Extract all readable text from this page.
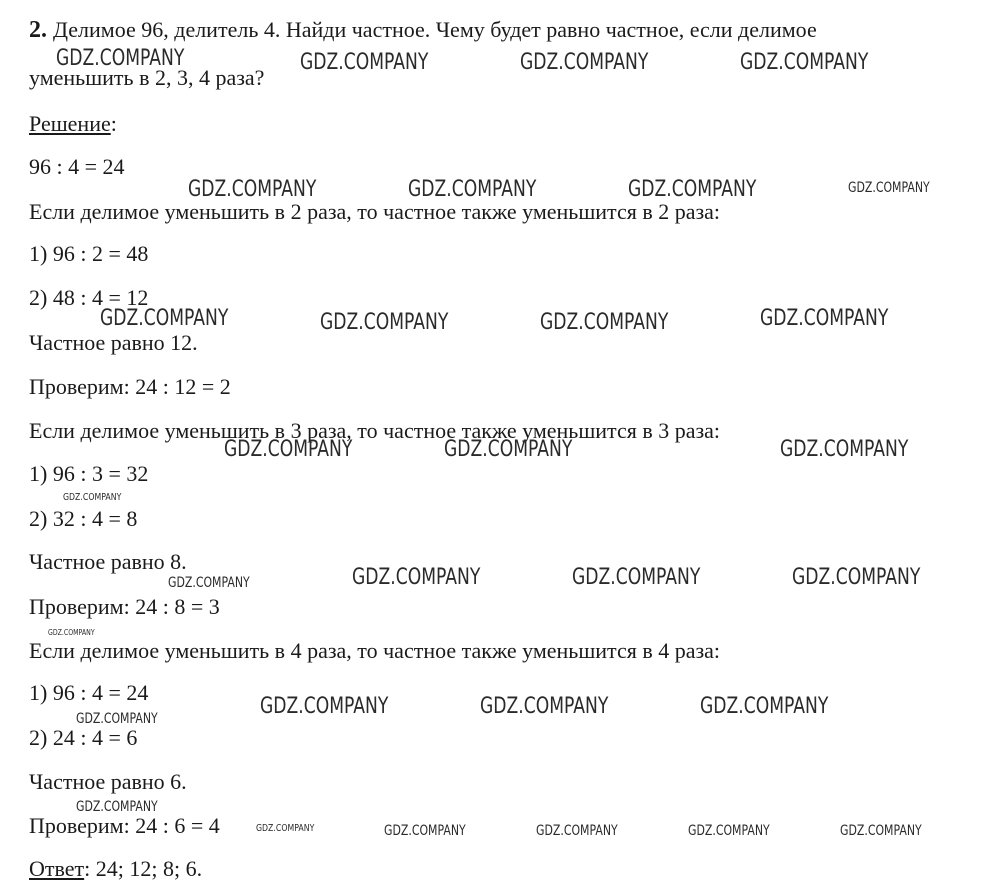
2. Делимое 96, делитель 4. Найди частное. Чему будет равно частное, если делимое
уменьшить в 2, 3, 4 раза?
Решение:
96 : 4 = 24
Если делимое уменьшить в 2 раза, то частное также уменьшится в 2 раза:
1) 96 : 2 = 48
2) 48 : 4 = 12
Частное равно 12.
Проверим: 24 : 12 = 2
Если делимое уменьшить в 3 раза, то частное также уменьшится в 3 раза:
1) 96 : 3 = 32
2) 32 : 4 = 8
Частное равно 8.
Проверим: 24 : 8 = 3
Если делимое уменьшить в 4 раза, то частное также уменьшится в 4 раза:
1) 96 : 4 = 24
2) 24 : 4 = 6
Частное равно 6.
Проверим: 24 : 6 = 4
Ответ: 24; 12; 8; 6.
GDZ.COMPANY	GDZ.COMPANY	GDZ.COMPANY	GDZ.COMPANY
GDZ.COMPANY	GDZ.COMPANY	GDZ.COMPANY	GDZ.COMPANY
GDZ.COMPANY	GDZ.COMPANY	GDZ.COMPANY	GDZ.COMPANY
GDZ.COMPANY	GDZ.COMPANY	GDZ.COMPANY
GDZ.COMPANY
GDZ.COMPANY	GDZ.COMPANY	GDZ.COMPANY	GDZ.COMPANY
GDZ.COMPANY
GDZ.COMPANY	GDZ.COMPANY	GDZ.COMPANY
GDZ.COMPANY
GDZ.COMPANY
GDZ.COMPANY	GDZ.COMPANY	GDZ.COMPANY	GDZ.COMPANY	GDZ.COMPANY
